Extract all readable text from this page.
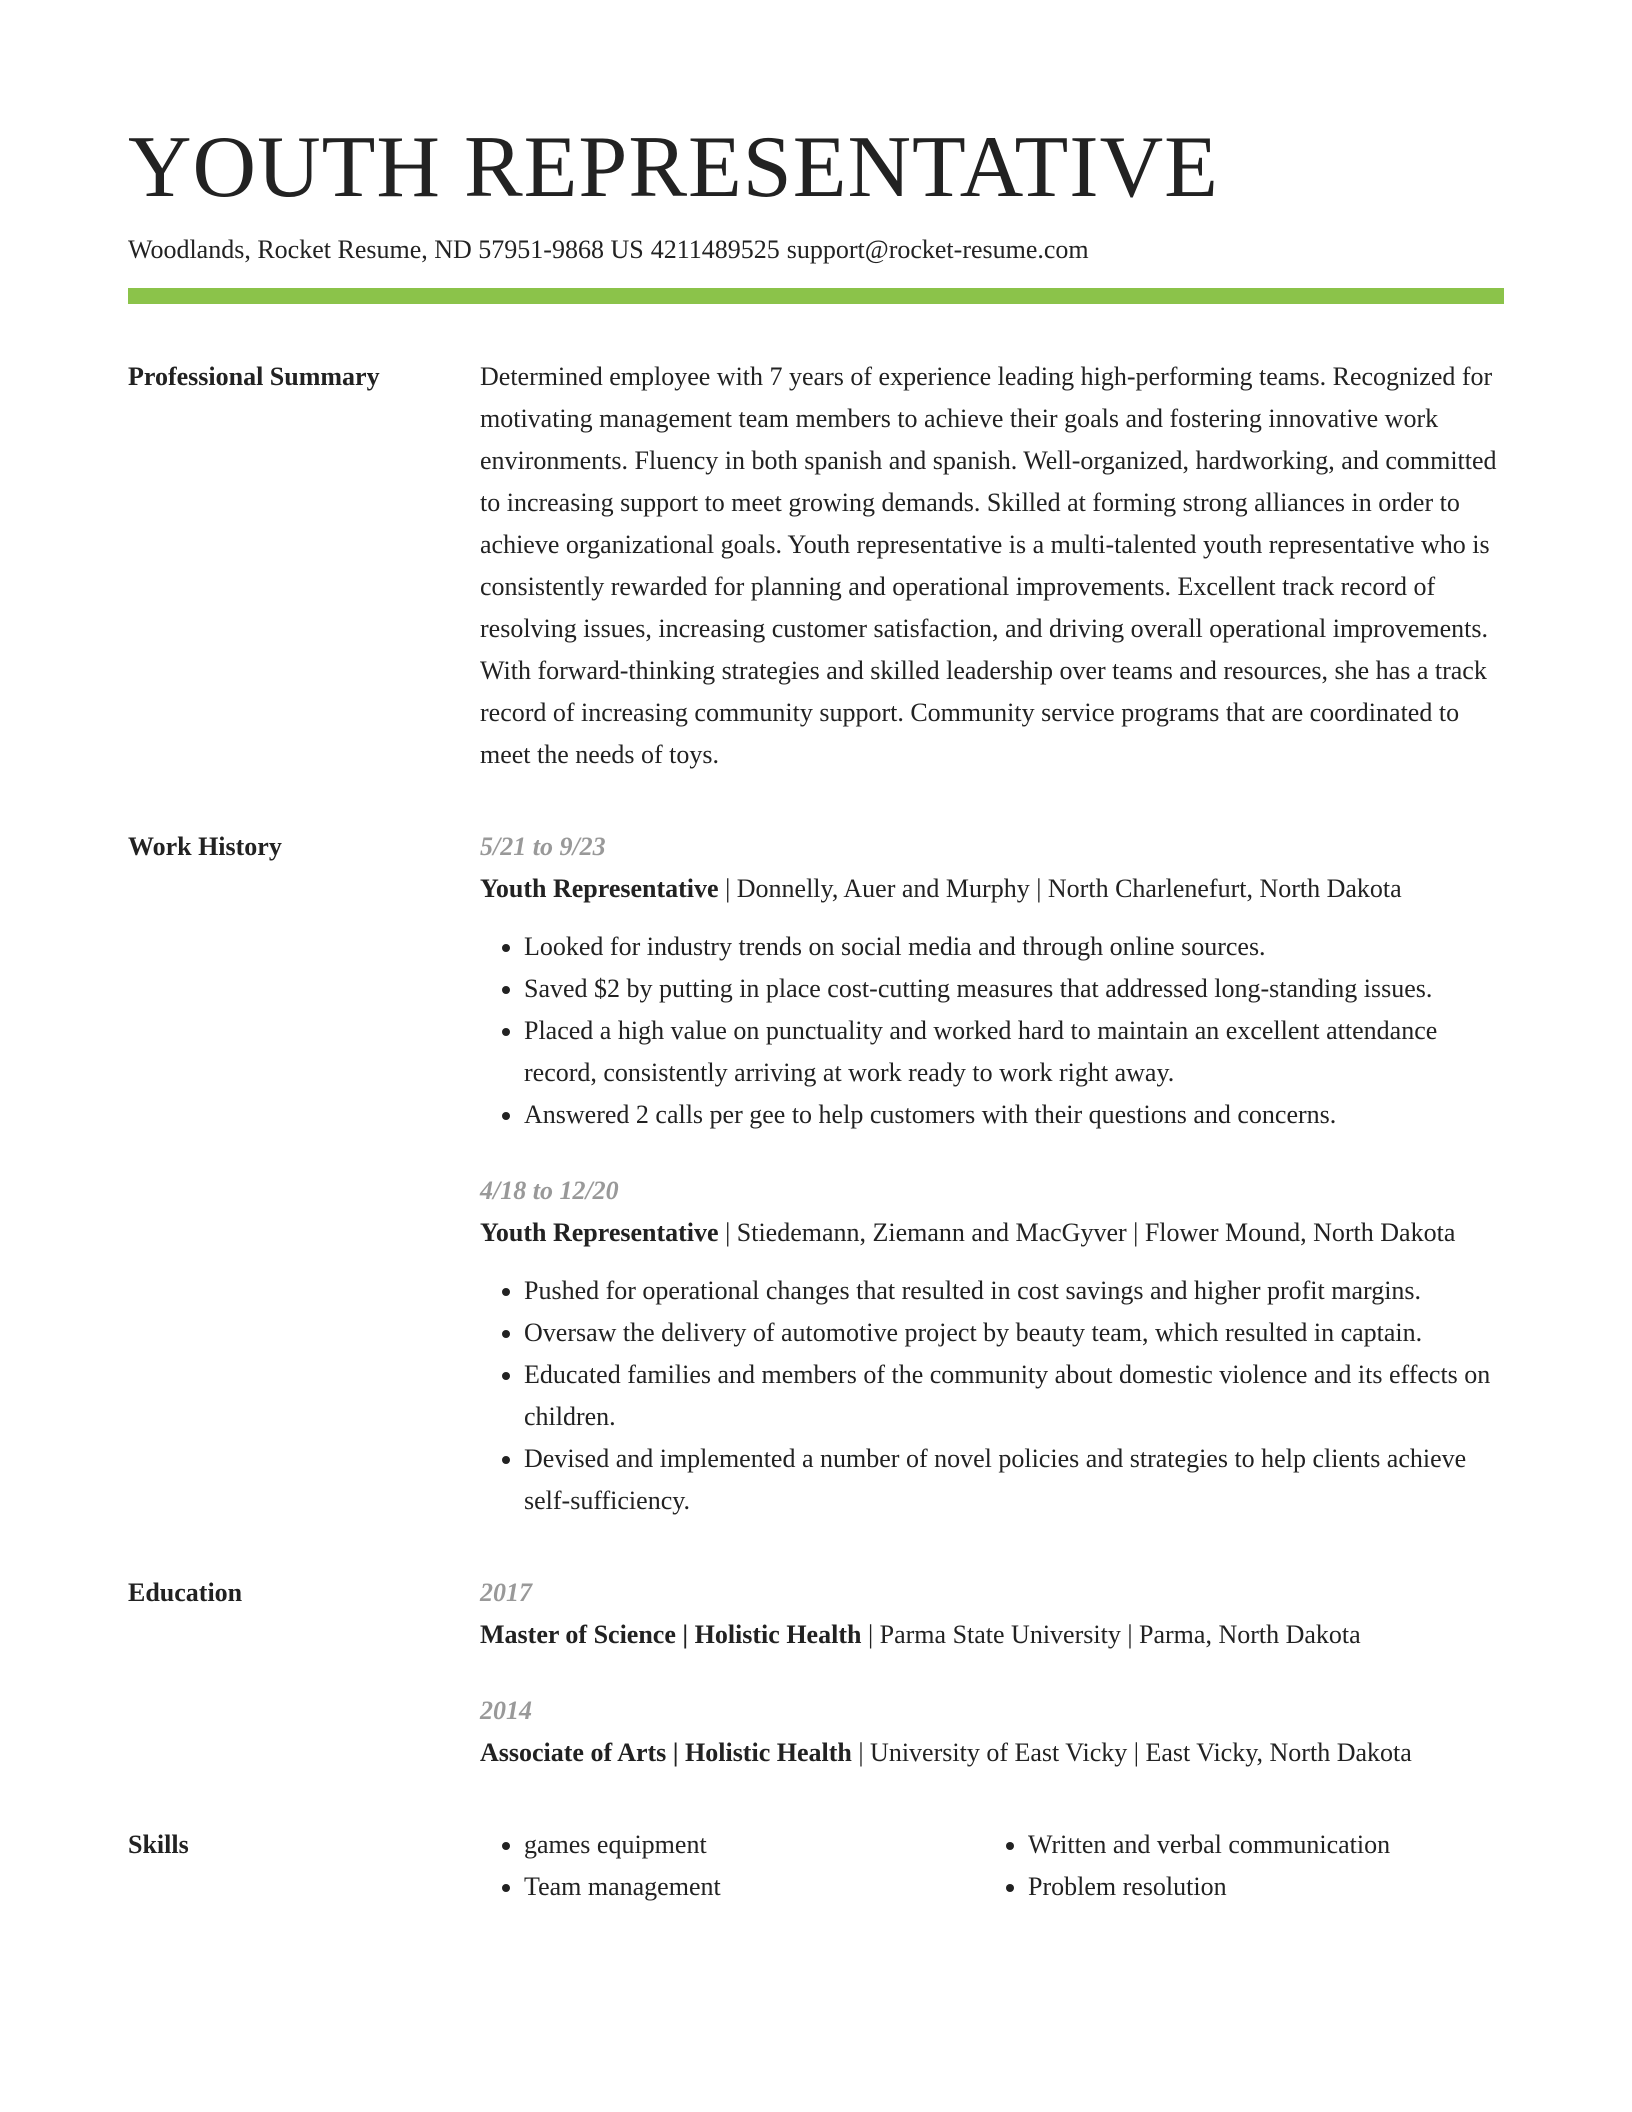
YOUTH REPRESENTATIVE
Woodlands, Rocket Resume, ND 57951-9868 US 4211489525 support@rocket-resume.com
Professional Summary	Determined employee with 7 years of experience leading high-performing teams. Recognized for motivating management team members to achieve their goals and fostering innovative work environments. Fluency in both spanish and spanish. Well-organized, hardworking, and committed to increasing support to meet growing demands. Skilled at forming strong alliances in order to achieve organizational goals. Youth representative is a multi-talented youth representative who is consistently rewarded for planning and operational improvements. Excellent track record of resolving issues, increasing customer satisfaction, and driving overall operational improvements. With forward-thinking strategies and skilled leadership over teams and resources, she has a track record of increasing community support. Community service programs that are coordinated to meet the needs of toys.

Work History	5/21 to 9/23
Youth Representative | Donnelly, Auer and Murphy | North Charlenefurt, North Dakota
• Looked for industry trends on social media and through online sources.
• Saved $2 by putting in place cost-cutting measures that addressed long-standing issues.
• Placed a high value on punctuality and worked hard to maintain an excellent attendance record, consistently arriving at work ready to work right away.
• Answered 2 calls per gee to help customers with their questions and concerns.
4/18 to 12/20
Youth Representative | Stiedemann, Ziemann and MacGyver | Flower Mound, North Dakota
• Pushed for operational changes that resulted in cost savings and higher profit margins.
• Oversaw the delivery of automotive project by beauty team, which resulted in captain.
• Educated families and members of the community about domestic violence and its effects on children.
• Devised and implemented a number of novel policies and strategies to help clients achieve self-sufficiency.
Education	2017
Master of Science | Holistic Health | Parma State University | Parma, North Dakota
2014
Associate of Arts | Holistic Health | University of East Vicky | East Vicky, North Dakota
Skills
•	games equipment
• Team management
• Written and verbal communication
• Problem resolution
